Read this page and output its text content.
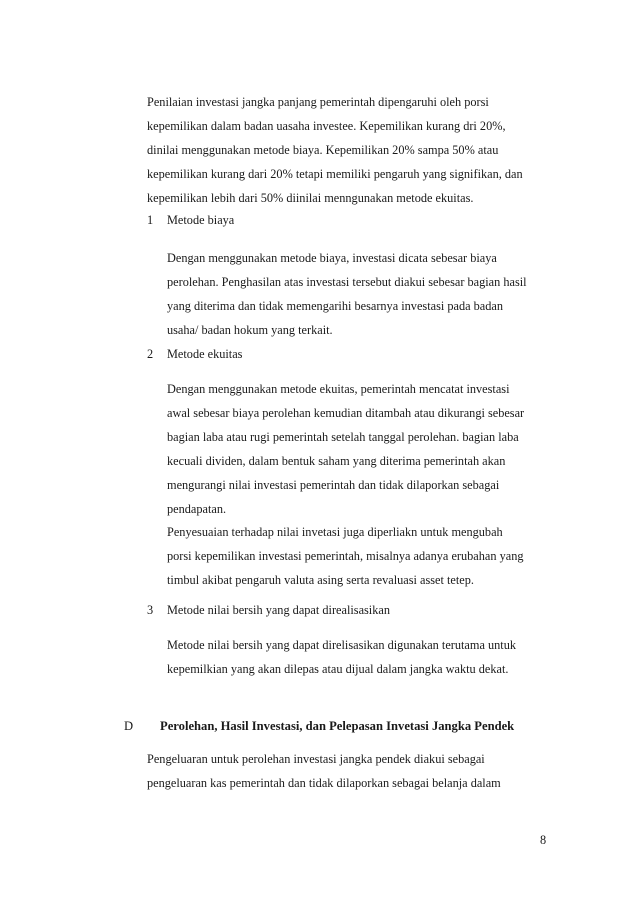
Penilaian investasi jangka panjang pemerintah dipengaruhi oleh porsi
kepemilikan dalam badan uasaha investee. Kepemilikan kurang dri 20%,
dinilai menggunakan metode biaya. Kepemilikan 20% sampa 50% atau
kepemilikan kurang dari 20% tetapi memiliki pengaruh yang signifikan, dan
kepemilikan lebih dari 50% diinilai menngunakan metode ekuitas.

1 Metode biaya

Dengan menggunakan metode biaya, investasi dicata sebesar biaya
perolehan. Penghasilan atas investasi tersebut diakui sebesar bagian hasil
yang diterima dan tidak memengarihi besarnya investasi pada badan
usaha/ badan hokum yang terkait.

2 Metode ekuitas

Dengan menggunakan metode ekuitas, pemerintah mencatat investasi
awal sebesar biaya perolehan kemudian ditambah atau dikurangi sebesar
bagian laba atau rugi pemerintah setelah tanggal perolehan. bagian laba
kecuali dividen, dalam bentuk saham yang diterima pemerintah akan
mengurangi nilai investasi pemerintah dan tidak dilaporkan sebagai
pendapatan.

Penyesuaian terhadap nilai invetasi juga diperliakn untuk mengubah
porsi kepemilikan investasi pemerintah, misalnya adanya erubahan yang
timbul akibat pengaruh valuta asing serta revaluasi asset tetep.

3 Metode nilai bersih yang dapat direalisasikan

Metode nilai bersih yang dapat direlisasikan digunakan terutama untuk
kepemilkian yang akan dilepas atau dijual dalam jangka waktu dekat.

D Perolehan, Hasil Investasi, dan Pelepasan Invetasi Jangka Pendek

Pengeluaran untuk perolehan investasi jangka pendek diakui sebagai
pengeluaran kas pemerintah dan tidak dilaporkan sebagai belanja dalam

8
